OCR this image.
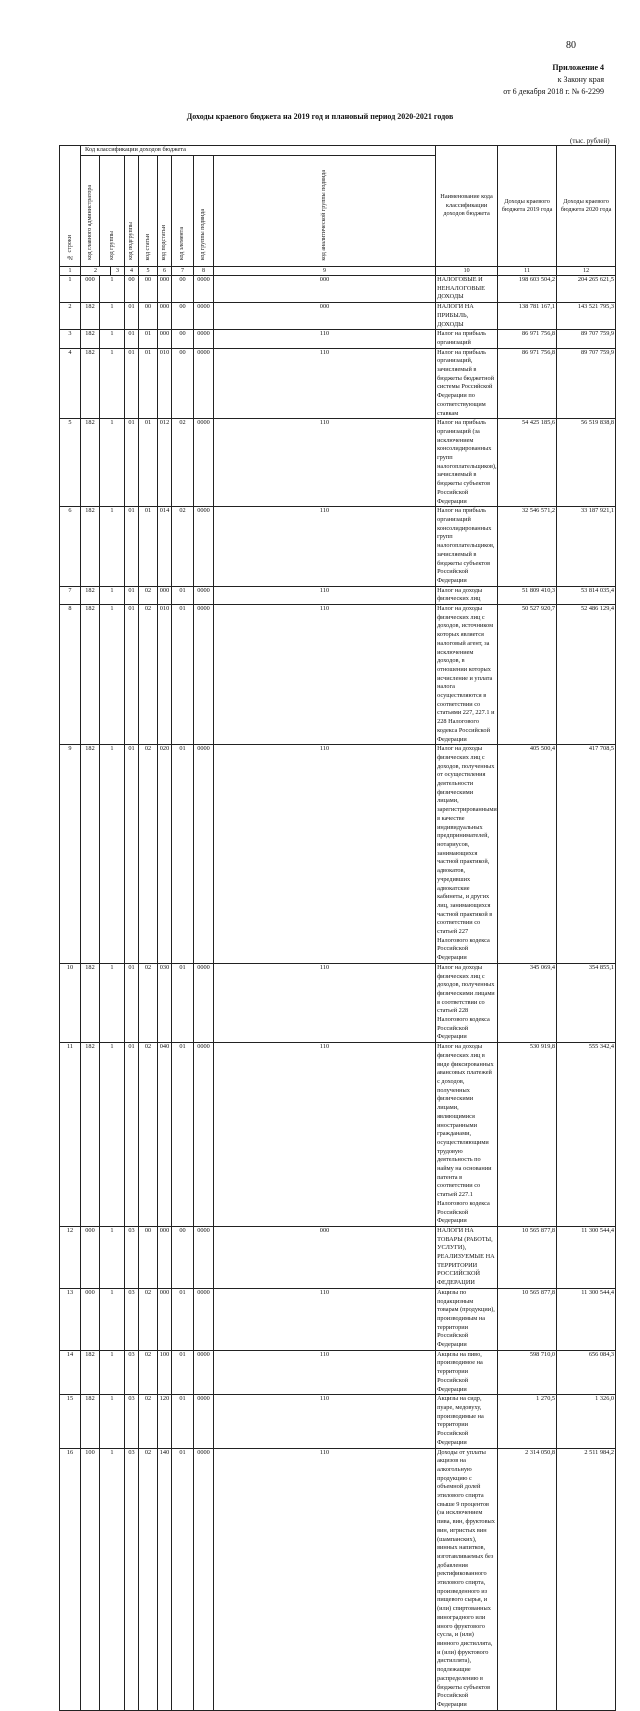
80
Приложение 4
к Закону края
от 6 декабря 2018 г. № 6-2299
Доходы краевого бюджета на 2019 год и плановый период 2020-2021 годов
(тыс. рублей)
№ строки	Код классификации доходов бюджета									Наименование кода классификации доходов бюджета	Доходы краевого бюджета 2019 года	Доходы краевого бюджета 2020 года	
	код главного администратора	код группы		код подгруппы	код статьи	код подстатьи	код элемента	код группы подвида	код аналитической группы подвида				
1	2		3	4	5	6	7	8	9	10	11	12	
1	000	1		00	00	000	00	0000	000	НАЛОГОВЫЕ И НЕНАЛОГОВЫЕ ДОХОДЫ	198 603 504,2	204 265 621,5	
2	182	1		01	00	000	00	0000	000	НАЛОГИ НА ПРИБЫЛЬ, ДОХОДЫ	138 781 167,1	143 521 795,3	
3	182	1		01	01	000	00	0000	110	Налог на прибыль организаций	86 971 756,8	89 707 759,9	
4	182	1		01	01	010	00	0000	110	Налог на прибыль организаций, зачисляемый в бюджеты бюджетной системы Российской Федерации по соответствующим ставкам	86 971 756,8	89 707 759,9	
5	182	1		01	01	012	02	0000	110	Налог на прибыль организаций (за исключением консолидированных групп налогоплательщиков), зачисляемый в бюджеты субъектов Российской Федерации	54 425 185,6	56 519 838,8	
6	182	1		01	01	014	02	0000	110	Налог на прибыль организаций консолидированных групп налогоплательщиков, зачисляемый в бюджеты субъектов Российской Федерации	32 546 571,2	33 187 921,1	
7	182	1		01	02	000	01	0000	110	Налог на доходы физических лиц	51 809 410,3	53 814 035,4	
8	182	1		01	02	010	01	0000	110	Налог на доходы физических лиц с доходов, источником которых является налоговый агент, за исключением доходов, в отношении которых исчисление и уплата налога осуществляются в соответствии со статьями 227, 227.1 и 228 Налогового кодекса Российской Федерации	50 527 920,7	52 486 129,4	
9	182	1		01	02	020	01	0000	110	Налог на доходы физических лиц с доходов, полученных от осуществления деятельности физическими лицами, зарегистрированными в качестве индивидуальных предпринимателей, нотариусов, занимающихся частной практикой, адвокатов, учредивших адвокатские кабинеты, и других лиц, занимающихся частной практикой в соответствии со статьей 227 Налогового кодекса Российской Федерации	405 500,4	417 708,5	
10	182	1		01	02	030	01	0000	110	Налог на доходы физических лиц с доходов, полученных физическими лицами в соответствии со статьей 228 Налогового кодекса Российской Федерации	345 069,4	354 855,1	
11	182	1		01	02	040	01	0000	110	Налог на доходы физических лиц в виде фиксированных авансовых платежей с доходов, полученных физическими лицами, являющимися иностранными гражданами, осуществляющими трудовую деятельность по найму на основании патента в соответствии со статьей 227.1 Налогового кодекса Российской Федерации	530 919,8	555 342,4	
12	000	1		03	00	000	00	0000	000	НАЛОГИ НА ТОВАРЫ (РАБОТЫ, УСЛУГИ), РЕАЛИЗУЕМЫЕ НА ТЕРРИТОРИИ РОССИЙСКОЙ ФЕДЕРАЦИИ	10 565 877,8	11 300 544,4	
13	000	1		03	02	000	01	0000	110	Акцизы по подакцизным товарам (продукции), производимым на территории Российской Федерации	10 565 877,8	11 300 544,4	
14	182	1		03	02	100	01	0000	110	Акцизы на пиво, производимое на территории Российской Федерации	598 710,0	656 084,3	
15	182	1		03	02	120	01	0000	110	Акцизы на сидр, пуаре, медовуху, производимые на территории Российской Федерации	1 270,5	1 326,0	
16	100	1		03	02	140	01	0000	110	Доходы от уплаты акцизов на алкогольную продукцию с объемной долей этилового спирта свыше 9 процентов (за исключением пива, вин, фруктовых вин, игристых вин (шампанских), винных напитков, изготавливаемых без добавления ректификованного этилового спирта, произведенного из пищевого сырья, и (или) спиртованных виноградного или иного фруктового сусла, и (или) винного дистиллята, и (или) фруктового дистиллята), подлежащие распределению в бюджеты субъектов Российской Федерации	2 314 050,8	2 511 984,2	
